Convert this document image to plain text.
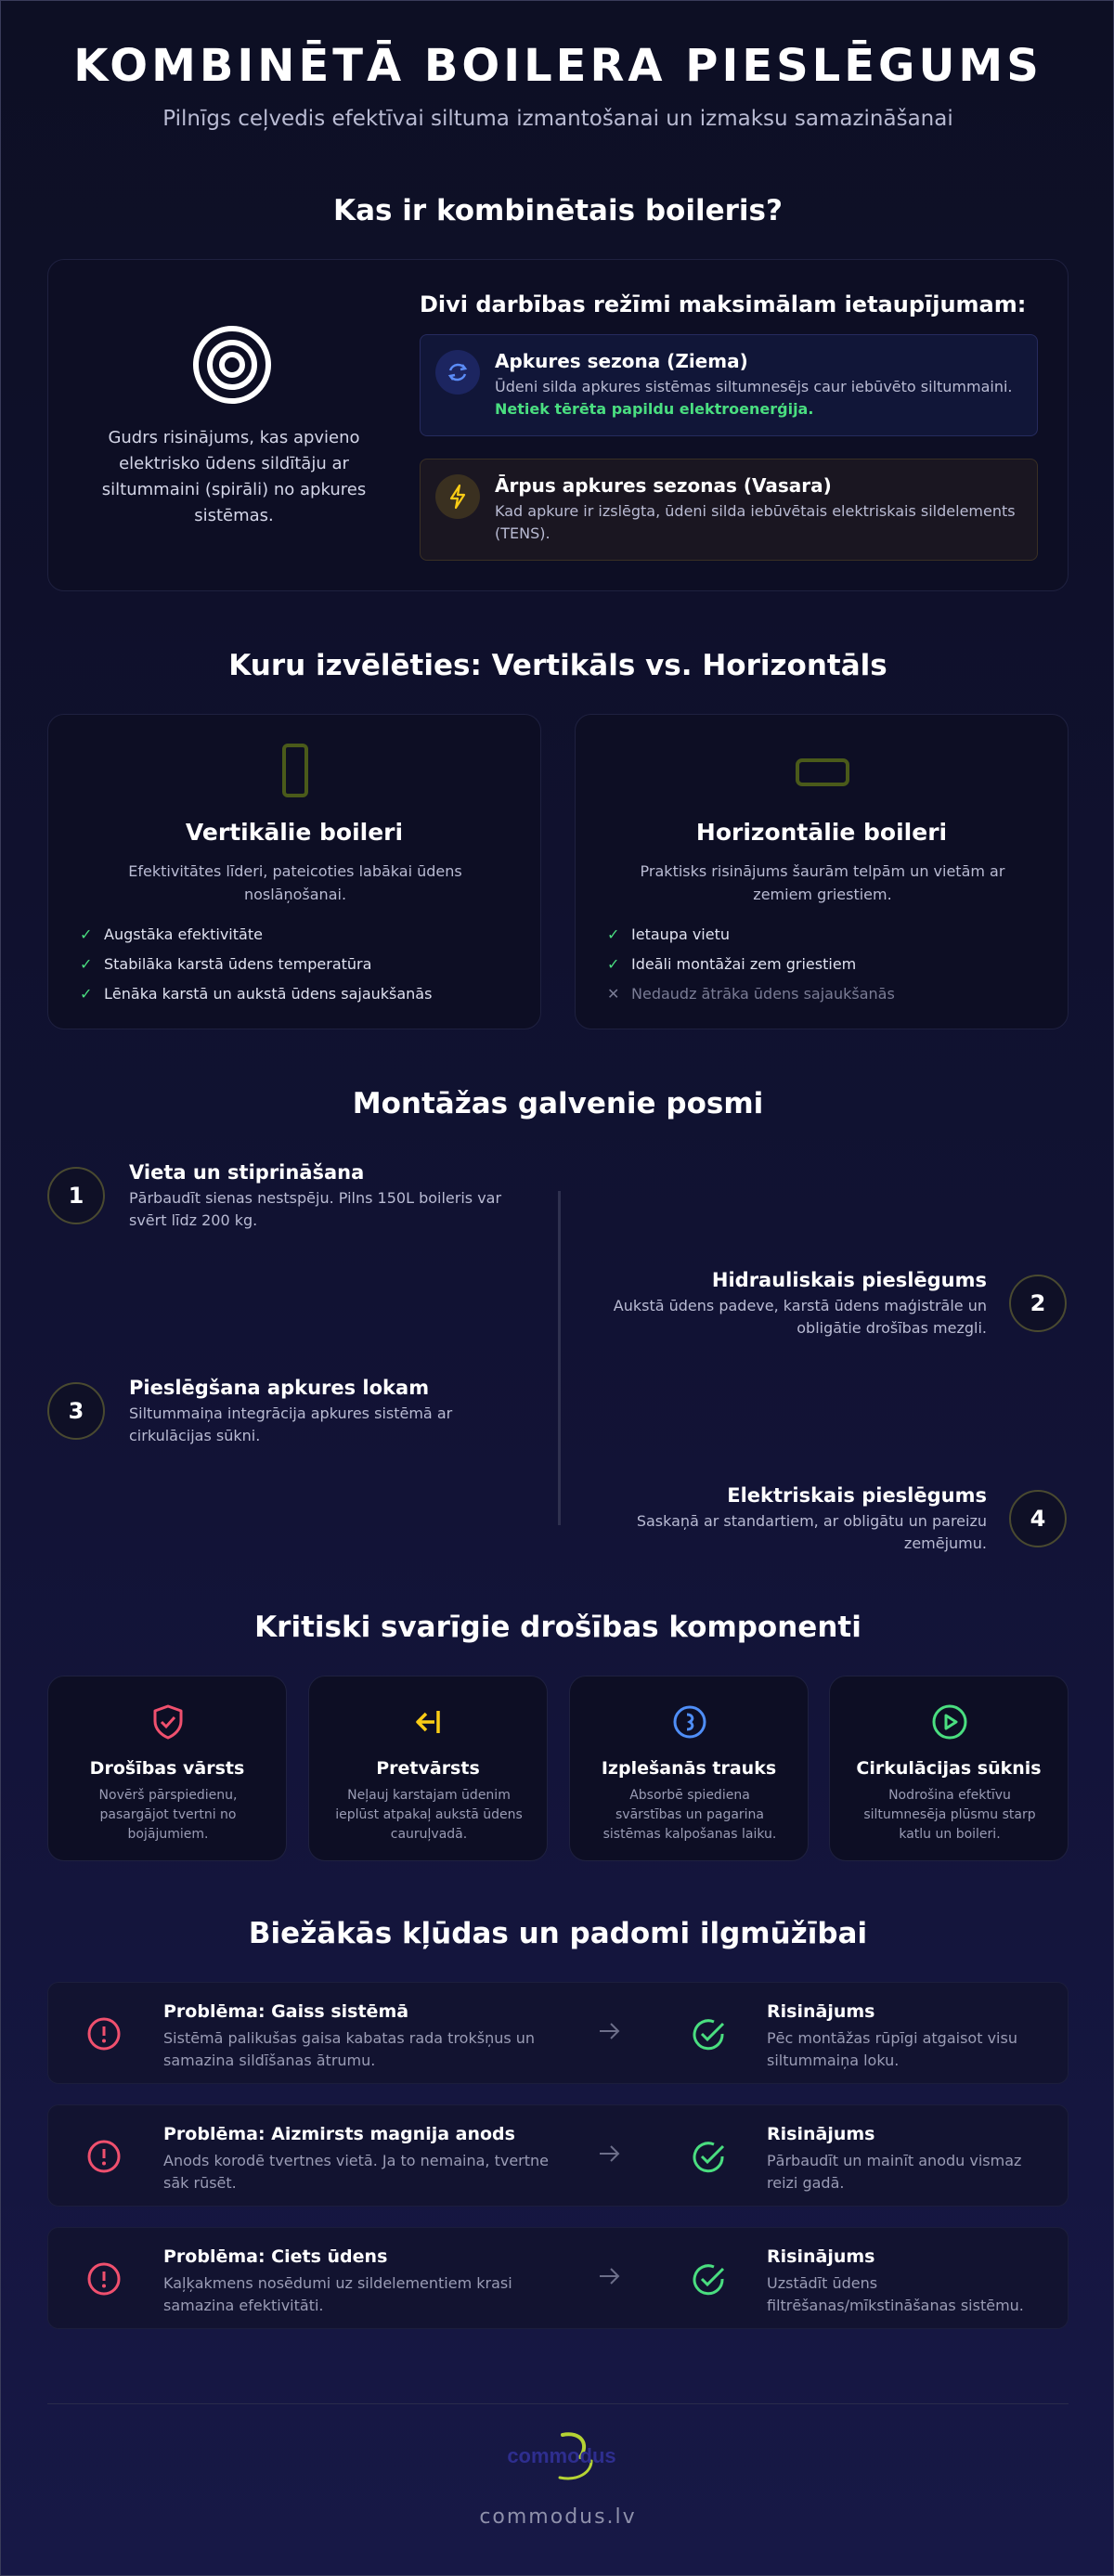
KOMBINĒTĀ BOILERA PIESLĒGUMS

Pilnīgs ceļvedis efektīvai siltuma izmantošanai un izmaksu samazināšanai

Kas ir kombinētais boileris?

Gudrs risinājums, kas apvieno elektrisko ūdens sildītāju ar siltummaini (spirāli) no apkures sistēmas.

Divi darbības režīmi maksimālam ietaupījumam:
Apkures sezona (Ziema)

Ūdeni silda apkures sistēmas siltumnesējs caur iebūvēto siltummaini.
Netiek tērēta papildu elektroenerģija.

Ārpus apkures sezonas (Vasara)

Kad apkure ir izslēgta, ūdeni silda iebūvētais elektriskais sildelements (TENS).

Kuru izvēlēties: Vertikāls vs. Horizontāls
Vertikālie boileri

Efektivitātes līderi, pateicoties labākai ūdens noslāņošanai.

✓ Augstāka efektivitāte
✓ Stabilāka karstā ūdens temperatūra
✓ Lēnāka karstā un aukstā ūdens sajaukšanās
Horizontālie boileri

Praktisks risinājums šaurām telpām un vietām ar zemiem griestiem.

✓ Ietaupa vietu
✓ Ideāli montāžai zem griestiem
✕ Nedaudz ātrāka ūdens sajaukšanās
Montāžas galvenie posmi
1
Vieta un stiprināšana

Pārbaudīt sienas nestspēju. Pilns 150L boileris var svērt līdz 200 kg.

2
Hidrauliskais pieslēgums

Aukstā ūdens padeve, karstā ūdens maģistrāle un obligātie drošības mezgli.

3
Pieslēgšana apkures lokam

Siltummaiņa integrācija apkures sistēmā ar cirkulācijas sūkni.

4
Elektriskais pieslēgums

Saskaņā ar standartiem, ar obligātu un pareizu zemējumu.

Kritiski svarīgie drošības komponenti
Drošības vārsts

Novērš pārspiedienu, pasargājot tvertni no bojājumiem.

Pretvārsts

Neļauj karstajam ūdenim ieplūst atpakaļ aukstā ūdens cauruļvadā.

Izplešanās trauks

Absorbē spiediena svārstības un pagarina sistēmas kalpošanas laiku.

Cirkulācijas sūknis

Nodrošina efektīvu siltumnesēja plūsmu starp katlu un boileri.

Biežākās kļūdas un padomi ilgmūžībai
Problēma: Gaiss sistēmā

Sistēmā palikušas gaisa kabatas rada trokšņus un samazina sildīšanas ātrumu.

Risinājums

Pēc montāžas rūpīgi atgaisot visu siltummaiņa loku.

Problēma: Aizmirsts magnija anods

Anods korodē tvertnes vietā. Ja to nemaina, tvertne sāk rūsēt.

Risinājums

Pārbaudīt un mainīt anodu vismaz reizi gadā.

Problēma: Ciets ūdens

Kaļķakmens nosēdumi uz sildelementiem krasi samazina efektivitāti.

Risinājums

Uzstādīt ūdens filtrēšanas/mīkstināšanas sistēmu.

commodus

commodus.lv
